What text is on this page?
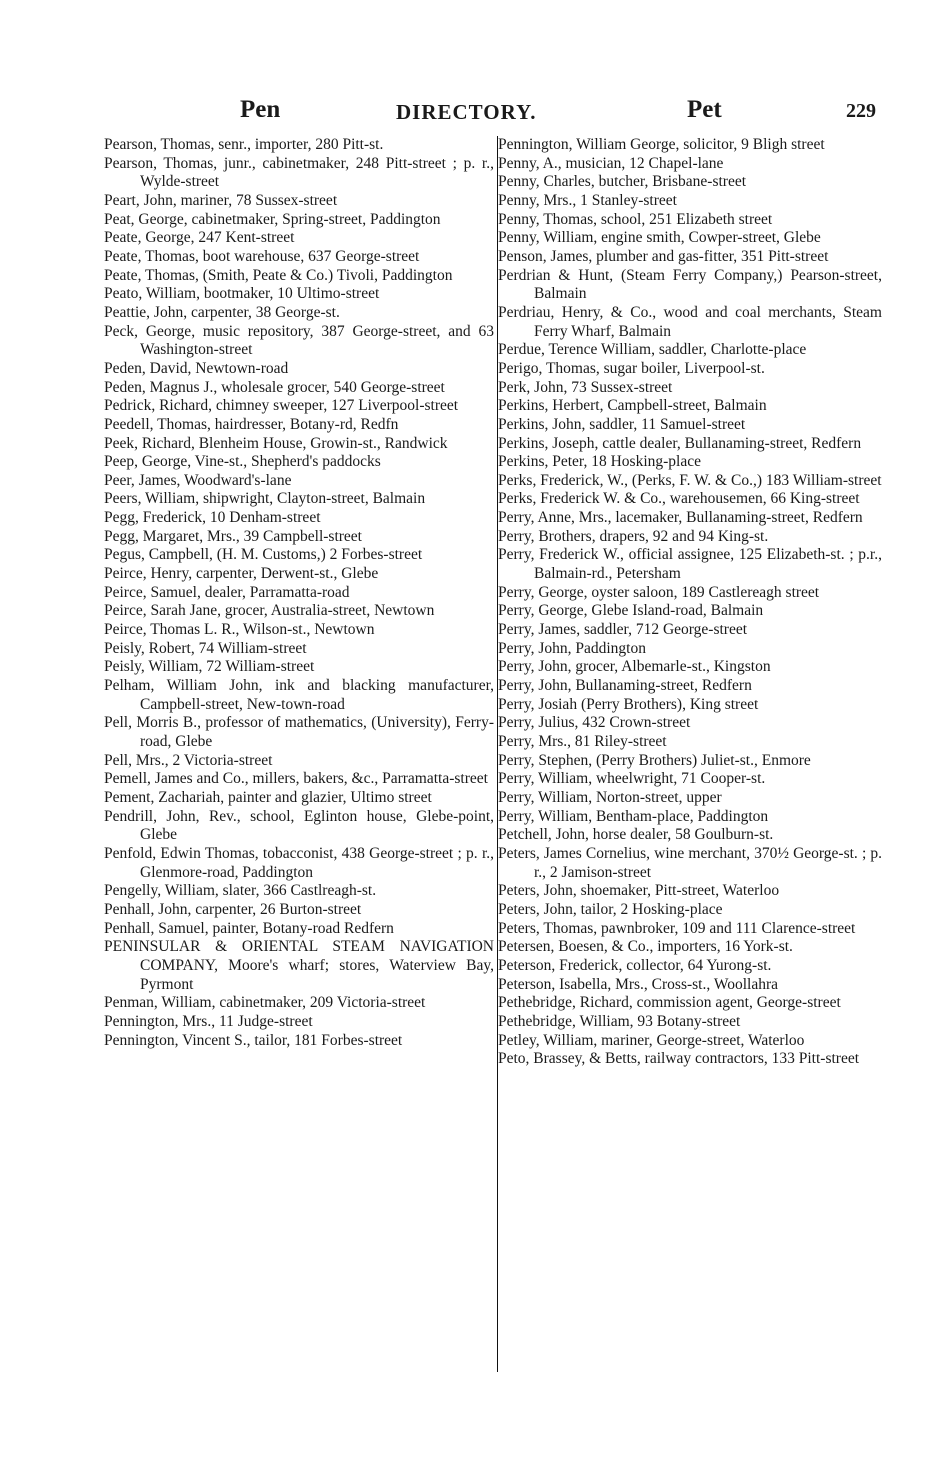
Pen	DIRECTORY.	Pet	229
Pearson, Thomas, senr., importer, 280 Pitt-st.
Pearson, Thomas, junr., cabinetmaker, 248 Pitt-street ; p. r., Wylde-street
Peart, John, mariner, 78 Sussex-street
Peat, George, cabinetmaker, Spring-street, Paddington
Peate, George, 247 Kent-street
Peate, Thomas, boot warehouse, 637 George-street
Peate, Thomas, (Smith, Peate & Co.) Tivoli, Paddington
Peato, William, bootmaker, 10 Ultimo-street
Peattie, John, carpenter, 38 George-st.
Peck, George, music repository, 387 George-street, and 63 Washington-street
Peden, David, Newtown-road
Peden, Magnus J., wholesale grocer, 540 George-street
Pedrick, Richard, chimney sweeper, 127 Liverpool-street
Peedell, Thomas, hairdresser, Botany-rd, Redfn
Peek, Richard, Blenheim House, Growin-st., Randwick
Peep, George, Vine-st., Shepherd's paddocks
Peer, James, Woodward's-lane
Peers, William, shipwright, Clayton-street, Balmain
Pegg, Frederick, 10 Denham-street
Pegg, Margaret, Mrs., 39 Campbell-street
Pegus, Campbell, (H. M. Customs,) 2 Forbes-street
Peirce, Henry, carpenter, Derwent-st., Glebe
Peirce, Samuel, dealer, Parramatta-road
Peirce, Sarah Jane, grocer, Australia-street, Newtown
Peirce, Thomas L. R., Wilson-st., Newtown
Peisly, Robert, 74 William-street
Peisly, William, 72 William-street
Pelham, William John, ink and blacking manufacturer, Campbell-street, New-town-road
Pell, Morris B., professor of mathematics, (University), Ferry-road, Glebe
Pell, Mrs., 2 Victoria-street
Pemell, James and Co., millers, bakers, &c., Parramatta-street
Pement, Zachariah, painter and glazier, Ultimo street
Pendrill, John, Rev., school, Eglinton house, Glebe-point, Glebe
Penfold, Edwin Thomas, tobacconist, 438 George-street ; p. r., Glenmore-road, Paddington
Pengelly, William, slater, 366 Castlreagh-st.
Penhall, John, carpenter, 26 Burton-street
Penhall, Samuel, painter, Botany-road Redfern
PENINSULAR & ORIENTAL STEAM NAVIGATION COMPANY, Moore's wharf; stores, Waterview Bay, Pyrmont
Penman, William, cabinetmaker, 209 Victoria-street
Pennington, Mrs., 11 Judge-street
Pennington, Vincent S., tailor, 181 Forbes-street
Pennington, William George, solicitor, 9 Bligh street
Penny, A., musician, 12 Chapel-lane
Penny, Charles, butcher, Brisbane-street
Penny, Mrs., 1 Stanley-street
Penny, Thomas, school, 251 Elizabeth street
Penny, William, engine smith, Cowper-street, Glebe
Penson, James, plumber and gas-fitter, 351 Pitt-street
Perdrian & Hunt, (Steam Ferry Company,) Pearson-street, Balmain
Perdriau, Henry, & Co., wood and coal merchants, Steam Ferry Wharf, Balmain
Perdue, Terence William, saddler, Charlotte-place
Perigo, Thomas, sugar boiler, Liverpool-st.
Perk, John, 73 Sussex-street
Perkins, Herbert, Campbell-street, Balmain
Perkins, John, saddler, 11 Samuel-street
Perkins, Joseph, cattle dealer, Bullanaming-street, Redfern
Perkins, Peter, 18 Hosking-place
Perks, Frederick, W., (Perks, F. W. & Co.,) 183 William-street
Perks, Frederick W. & Co., warehousemen, 66 King-street
Perry, Anne, Mrs., lacemaker, Bullanaming-street, Redfern
Perry, Brothers, drapers, 92 and 94 King-st.
Perry, Frederick W., official assignee, 125 Elizabeth-st. ; p.r., Balmain-rd., Petersham
Perry, George, oyster saloon, 189 Castlereagh street
Perry, George, Glebe Island-road, Balmain
Perry, James, saddler, 712 George-street
Perry, John, Paddington
Perry, John, grocer, Albemarle-st., Kingston
Perry, John, Bullanaming-street, Redfern
Perry, Josiah (Perry Brothers), King street
Perry, Julius, 432 Crown-street
Perry, Mrs., 81 Riley-street
Perry, Stephen, (Perry Brothers) Juliet-st., Enmore
Perry, William, wheelwright, 71 Cooper-st.
Perry, William, Norton-street, upper
Perry, William, Bentham-place, Paddington
Petchell, John, horse dealer, 58 Goulburn-st.
Peters, James Cornelius, wine merchant, 370½ George-st. ; p. r., 2 Jamison-street
Peters, John, shoemaker, Pitt-street, Waterloo
Peters, John, tailor, 2 Hosking-place
Peters, Thomas, pawnbroker, 109 and 111 Clarence-street
Petersen, Boesen, & Co., importers, 16 York-st.
Peterson, Frederick, collector, 64 Yurong-st.
Peterson, Isabella, Mrs., Cross-st., Woollahra
Pethebridge, Richard, commission agent, George-street
Pethebridge, William, 93 Botany-street
Petley, William, mariner, George-street, Waterloo
Peto, Brassey, & Betts, railway contractors, 133 Pitt-street
